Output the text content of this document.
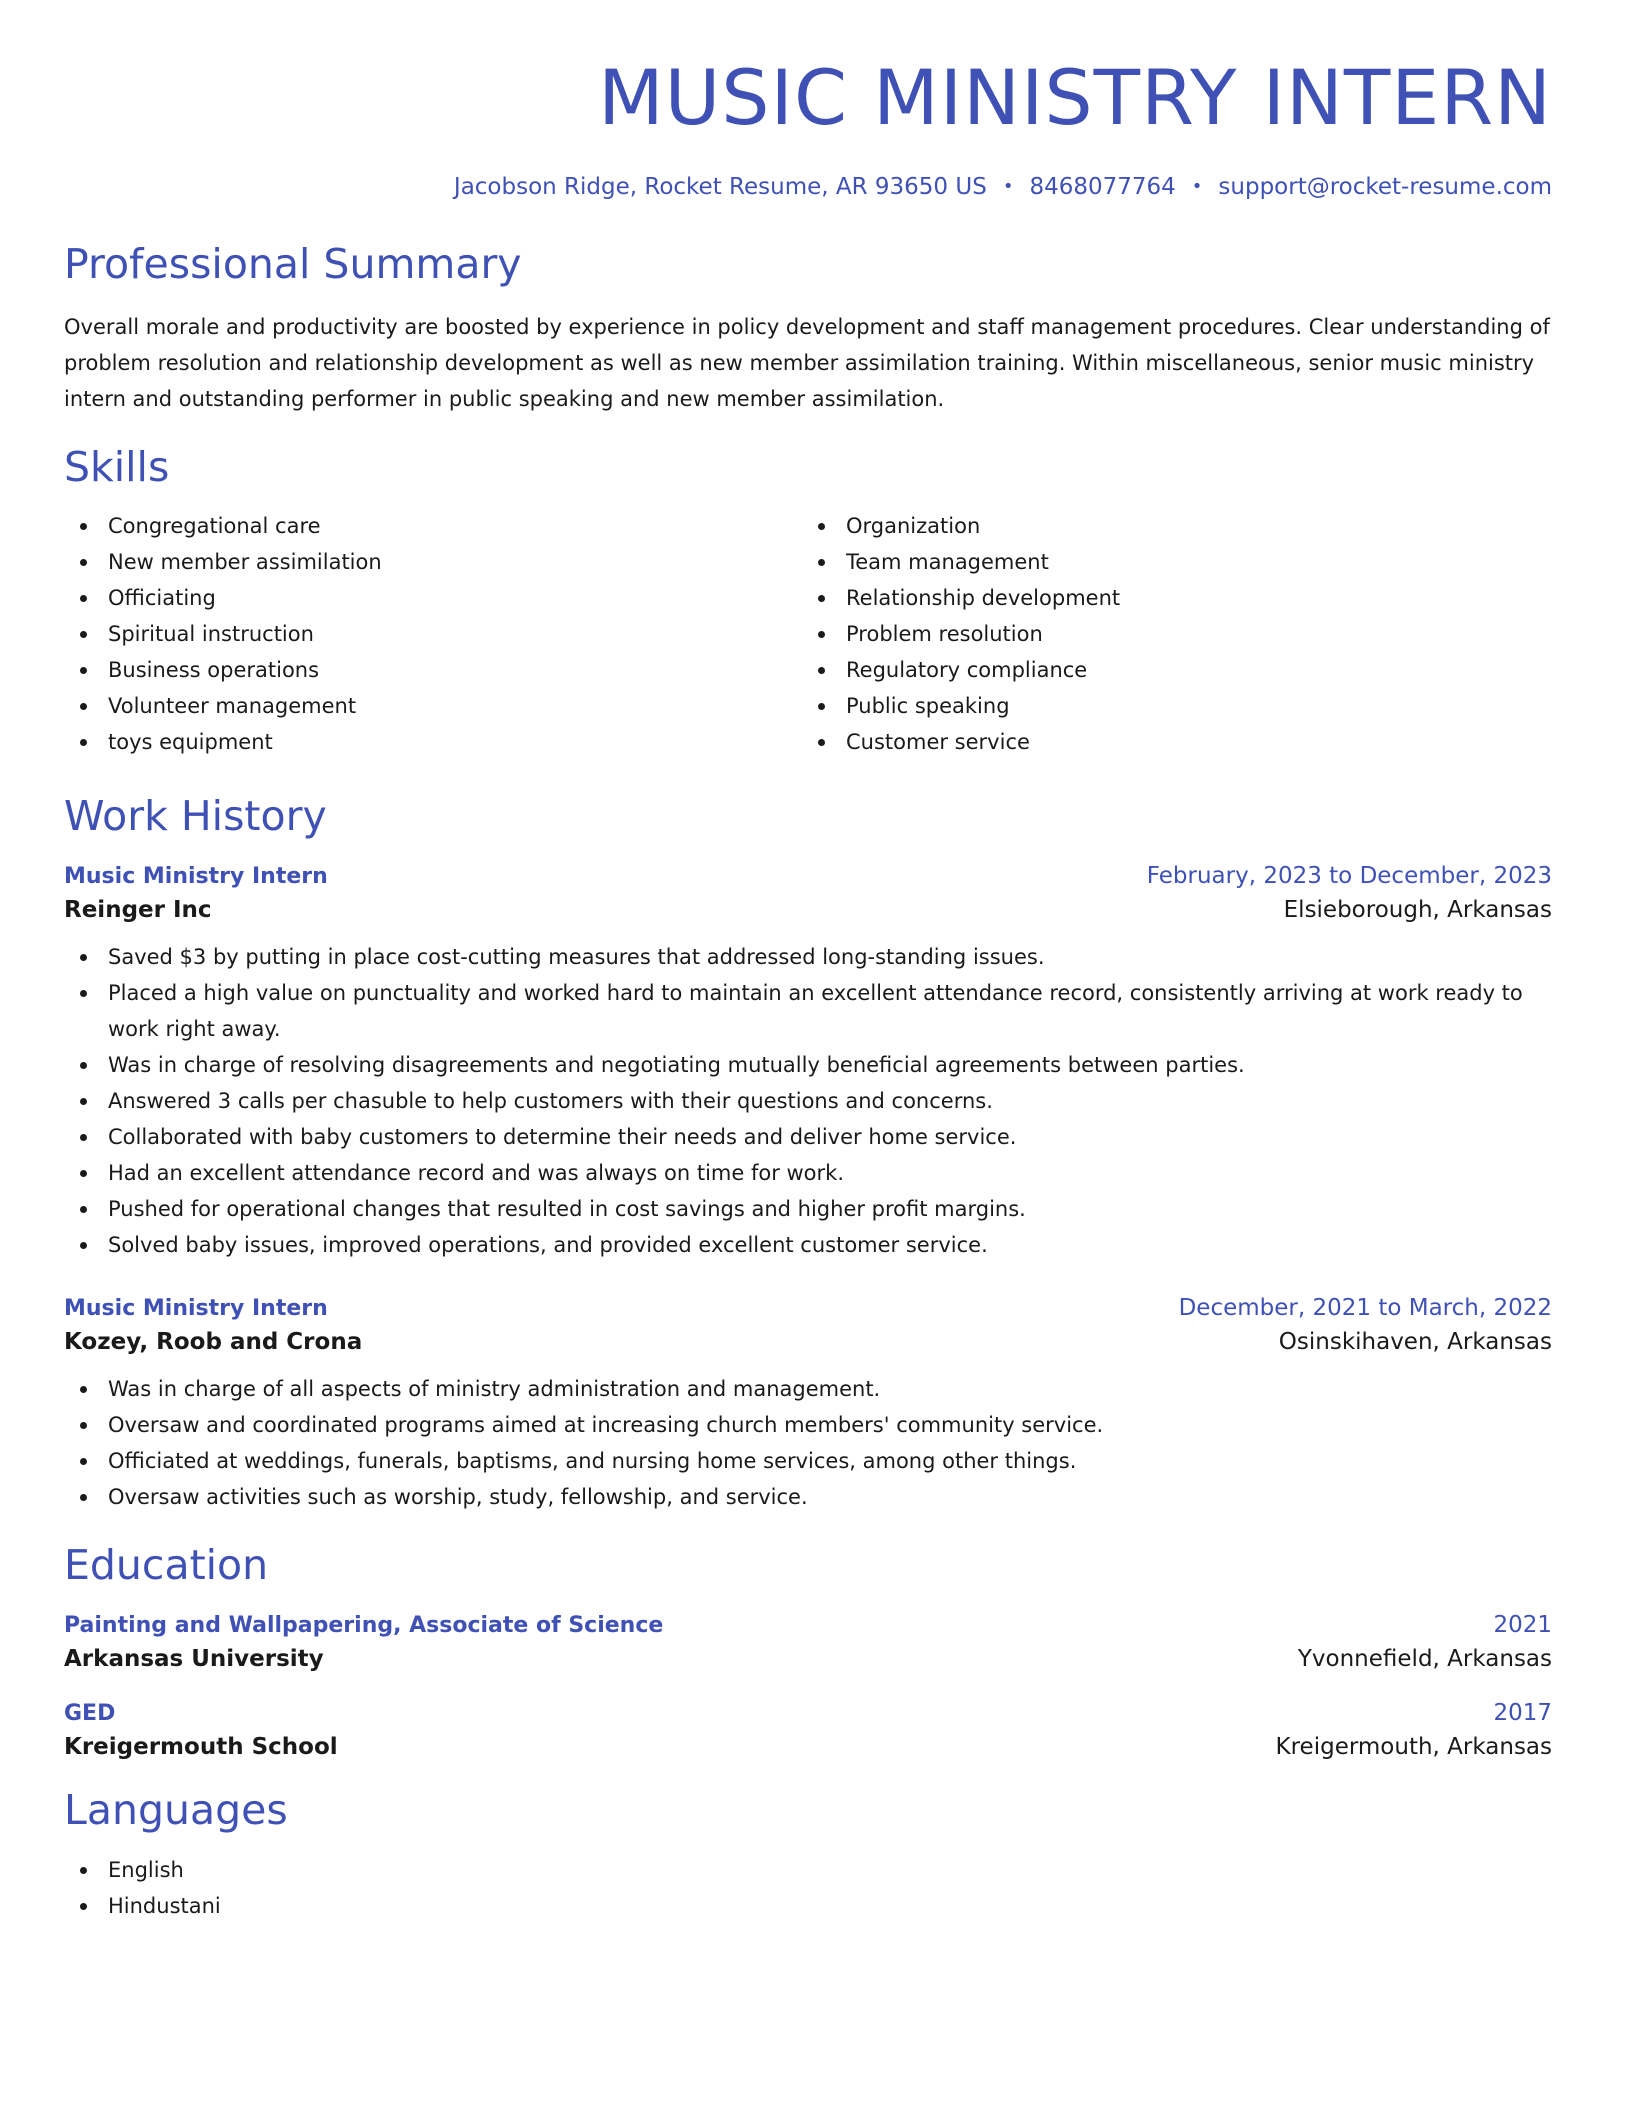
MUSIC MINISTRY INTERN
Jacobson Ridge, Rocket Resume, AR 93650 US • 8468077764 • support@rocket-resume.com
Professional Summary

Overall morale and productivity are boosted by experience in policy development and staff management procedures. Clear understanding of problem resolution and relationship development as well as new member assimilation training. Within miscellaneous, senior music ministry intern and outstanding performer in public speaking and new member assimilation.

Skills
Congregational care
New member assimilation
Officiating
Spiritual instruction
Business operations
Volunteer management
toys equipment
Organization
Team management
Relationship development
Problem resolution
Regulatory compliance
Public speaking
Customer service
Work History
Music Ministry Intern	February, 2023 to December, 2023
Reinger Inc	Elsieborough, Arkansas
Saved $3 by putting in place cost-cutting measures that addressed long-standing issues.
Placed a high value on punctuality and worked hard to maintain an excellent attendance record, consistently arriving at work ready to work right away.
Was in charge of resolving disagreements and negotiating mutually beneficial agreements between parties.
Answered 3 calls per chasuble to help customers with their questions and concerns.
Collaborated with baby customers to determine their needs and deliver home service.
Had an excellent attendance record and was always on time for work.
Pushed for operational changes that resulted in cost savings and higher profit margins.
Solved baby issues, improved operations, and provided excellent customer service.
Music Ministry Intern	December, 2021 to March, 2022
Kozey, Roob and Crona	Osinskihaven, Arkansas
Was in charge of all aspects of ministry administration and management.
Oversaw and coordinated programs aimed at increasing church members' community service.
Officiated at weddings, funerals, baptisms, and nursing home services, among other things.
Oversaw activities such as worship, study, fellowship, and service.
Education
Painting and Wallpapering, Associate of Science	2021
Arkansas University	Yvonnefield, Arkansas
GED	2017
Kreigermouth School	Kreigermouth, Arkansas
Languages
English
Hindustani
